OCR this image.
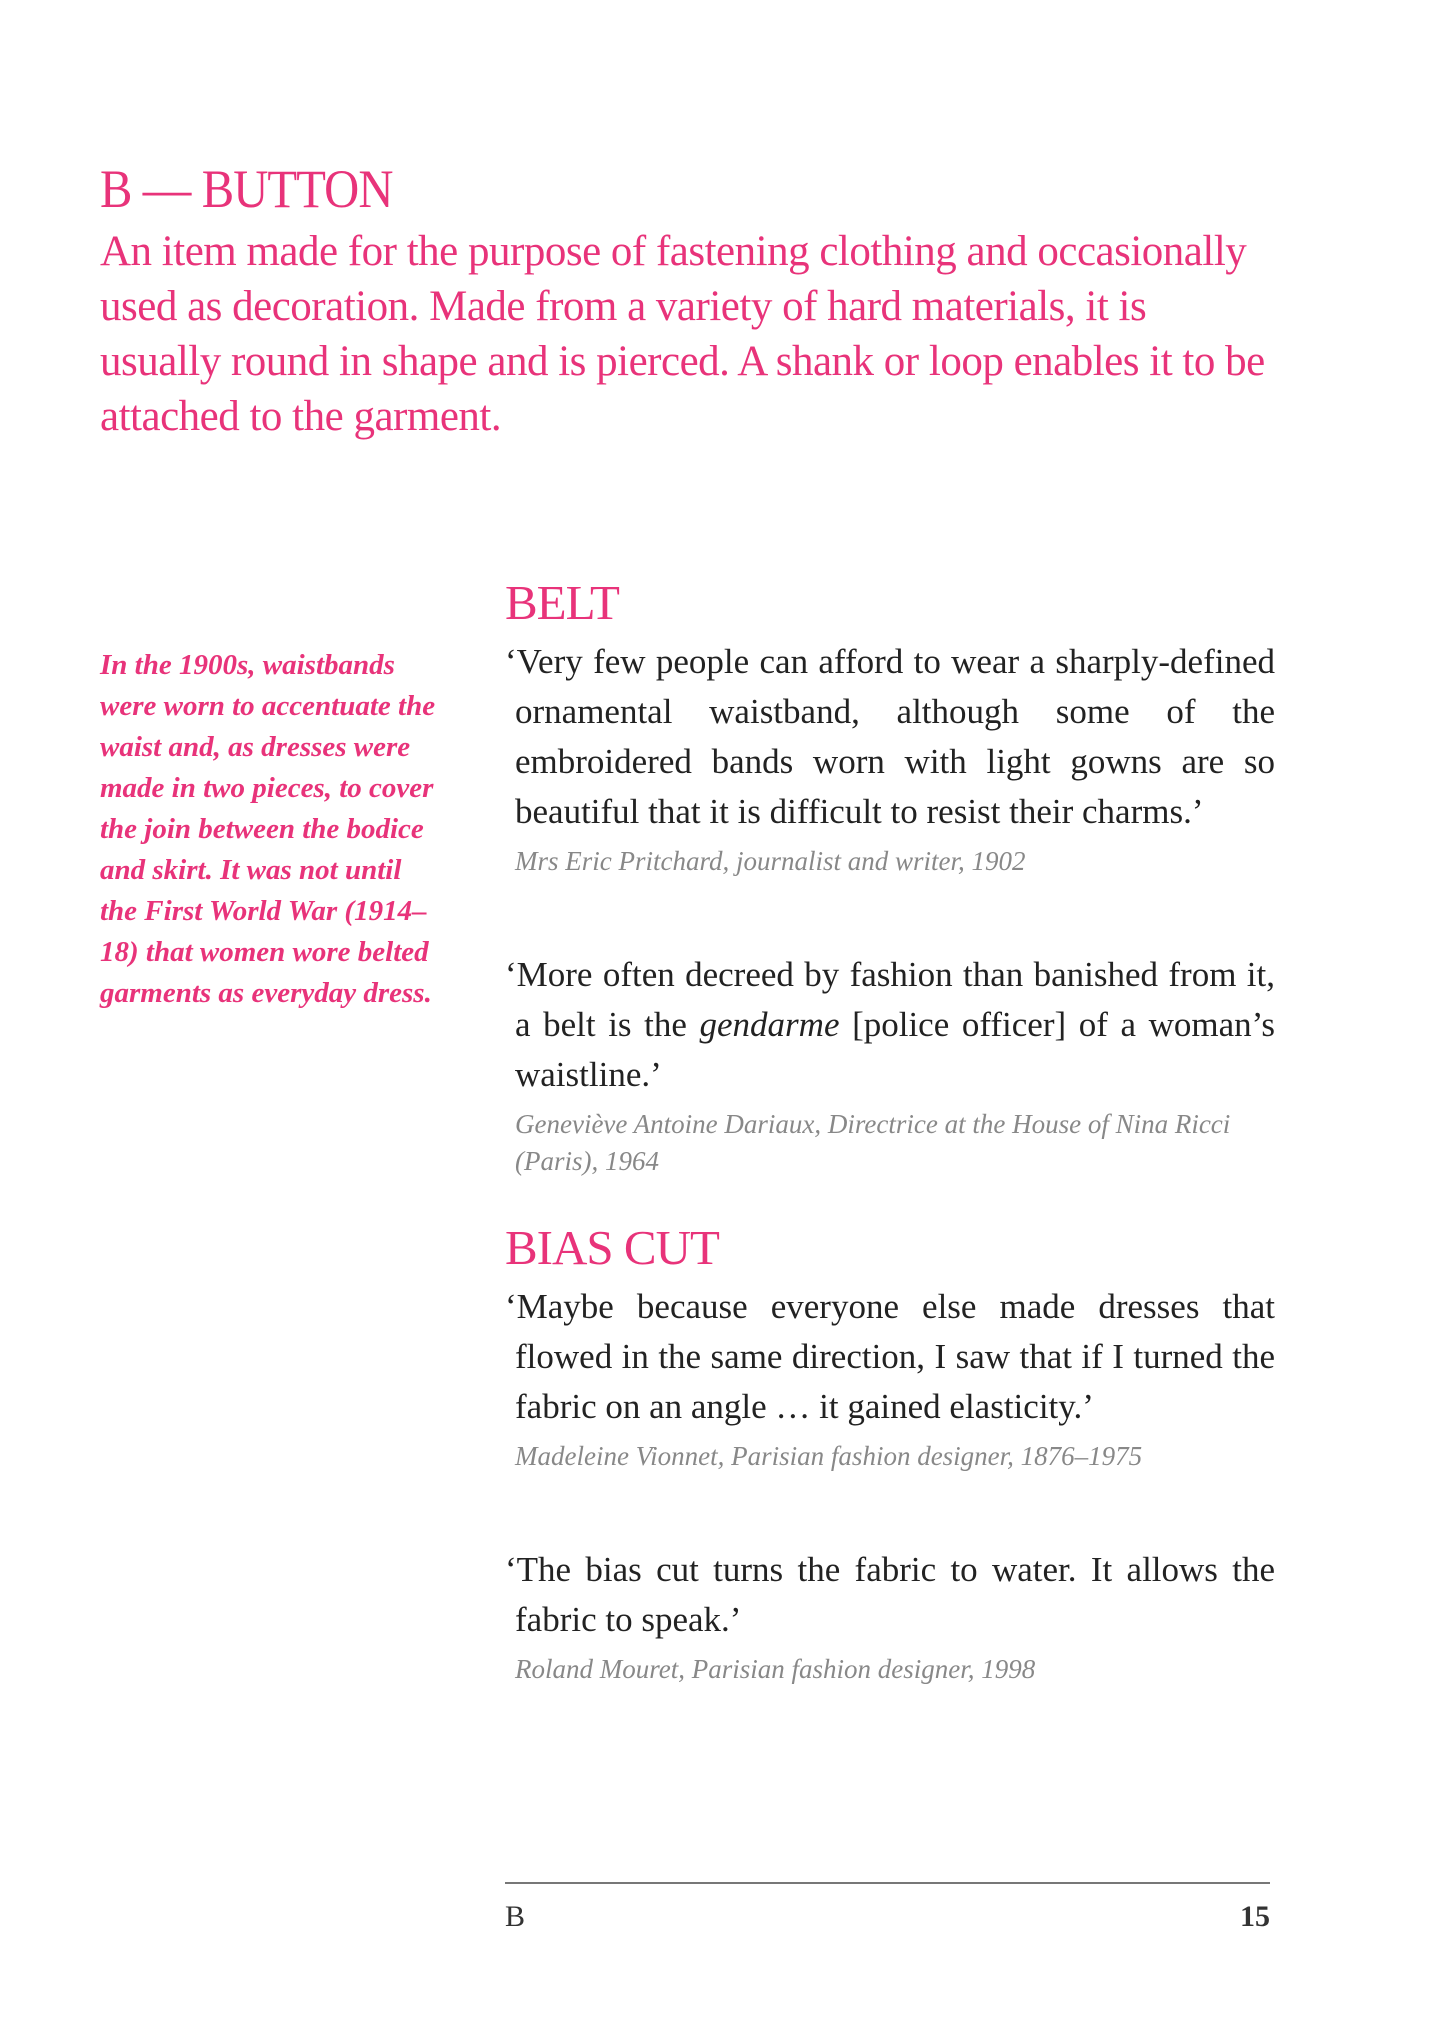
B — BUTTON

An item made for the purpose of fastening clothing and occasionally used as decoration. Made from a variety of hard materials, it is usually round in shape and is pierced. A shank or loop enables it to be attached to the garment.

In the 1900s, waistbands were worn to accentuate the waist and, as dresses were made in two pieces, to cover the join between the bodice and skirt. It was not until the First World War (1914–18) that women wore belted garments as everyday dress.
BELT

‘Very few people can afford to wear a sharply-defined ornamental waistband, although some of the embroidered bands worn with light gowns are so beautiful that it is difficult to resist their charms.’

Mrs Eric Pritchard, journalist and writer, 1902

‘More often decreed by fashion than banished from it, a belt is the gendarme [police officer] of a woman’s waistline.’

Geneviève Antoine Dariaux, Directrice at the House of Nina Ricci (Paris), 1964

BIAS CUT

‘Maybe because everyone else made dresses that flowed in the same direction, I saw that if I turned the fabric on an angle … it gained elasticity.’

Madeleine Vionnet, Parisian fashion designer, 1876–1975

‘The bias cut turns the fabric to water. It allows the fabric to speak.’

Roland Mouret, Parisian fashion designer, 1998

B	15
